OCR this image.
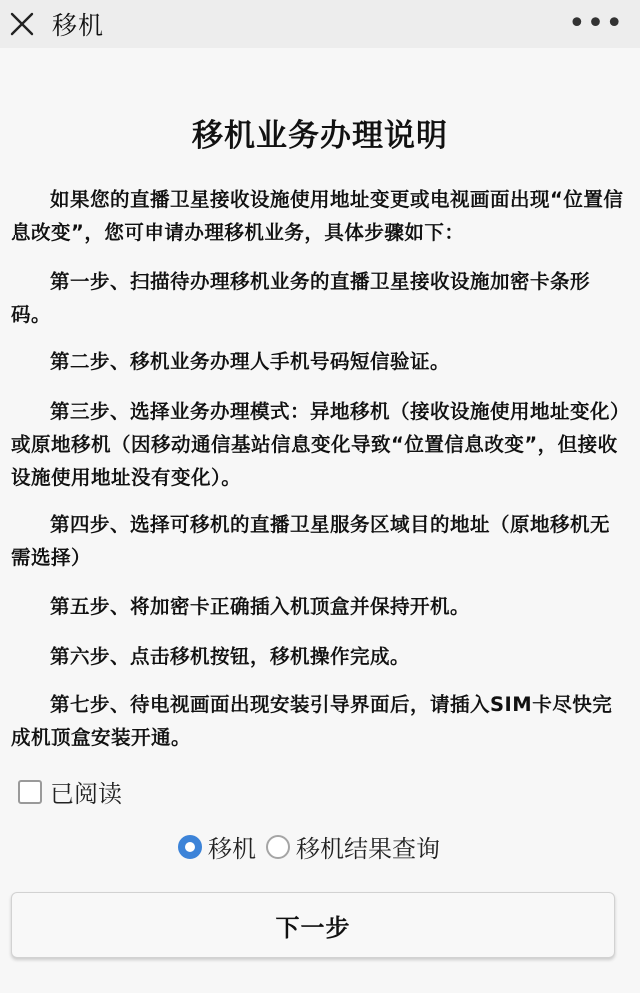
移机	•••
移机业务办理说明

如果您的直播卫星接收设施使用地址变更或电视画面出现“位置信息改变”，您可申请办理移机业务，具体步骤如下：

第一步、扫描待办理移机业务的直播卫星接收设施加密卡条形码。

第二步、移机业务办理人手机号码短信验证。

第三步、选择业务办理模式：异地移机（接收设施使用地址变化）或原地移机（因移动通信基站信息变化导致“位置信息改变”，但接收设施使用地址没有变化）。

第四步、选择可移机的直播卫星服务区域目的地址（原地移机无需选择）

第五步、将加密卡正确插入机顶盒并保持开机。

第六步、点击移机按钮，移机操作完成。

第七步、待电视画面出现安装引导界面后，请插入SIM卡尽快完成机顶盒安装开通。

已阅读
移机 移机结果查询
下一步
